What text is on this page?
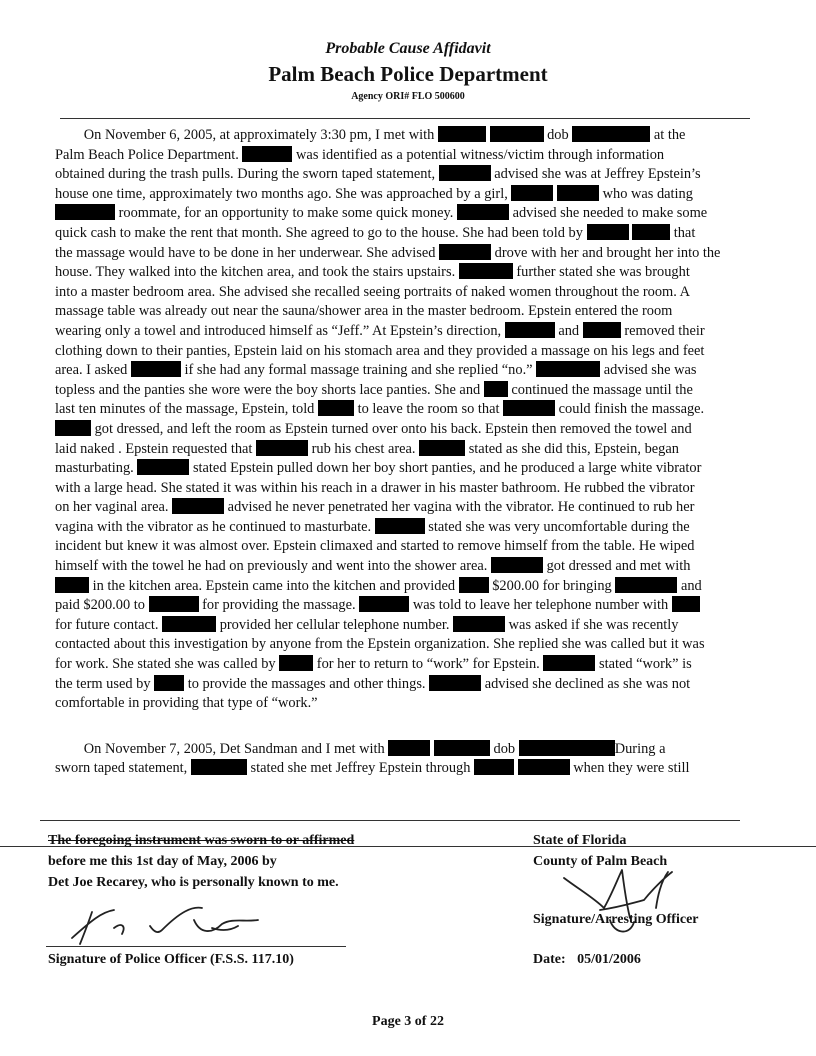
Probable Cause Affidavit
Palm Beach Police Department
Agency ORI# FLO 500600
On November 6, 2005, at approximately 3:30 pm, I met with	dob	at the
Palm Beach Police Department.	was identified as a potential witness/victim through information
obtained during the trash pulls. During the sworn taped statement,	advised she was at Jeffrey Epstein’s
house one time, approximately two months ago. She was approached by a girl,	who was dating
roommate, for an opportunity to make some quick money.	advised she needed to make some
quick cash to make the rent that month. She agreed to go to the house. She had been told by	that
the massage would have to be done in her underwear. She advised	drove with her and brought her into the
house. They walked into the kitchen area, and took the stairs upstairs.	further stated she was brought
into a master bedroom area. She advised she recalled seeing portraits of naked women throughout the room. A
massage table was already out near the sauna/shower area in the master bedroom. Epstein entered the room
wearing only a towel and introduced himself as “Jeff.” At Epstein’s direction,	and	removed their
clothing down to their panties, Epstein laid on his stomach area and they provided a massage on his legs and feet
area. I asked	if she had any formal massage training and she replied “no.”	advised she was
topless and the panties she wore were the boy shorts lace panties. She and  continued the massage until the
last ten minutes of the massage, Epstein, told	to leave the room so that	could finish the massage.
got dressed, and left the room as Epstein turned over onto his back. Epstein then removed the towel and
laid naked . Epstein requested that	rub his chest area.	stated as she did this, Epstein, began
masturbating.	stated Epstein pulled down her boy short panties, and he produced a large white vibrator
with a large head. She stated it was within his reach in a drawer in his master bathroom. He rubbed the vibrator
on her vaginal area.	advised he never penetrated her vagina with the vibrator. He continued to rub her
vagina with the vibrator as he continued to masturbate.	stated she was very uncomfortable during the
incident but knew it was almost over. Epstein climaxed and started to remove himself from the table. He wiped
himself with the towel he had on previously and went into the shower area.	got dressed and met with
in the kitchen area. Epstein came into the kitchen and provided  $200.00 for bringing	and
paid $200.00 to	for providing the massage.	was told to leave her telephone number with
for future contact.	provided her cellular telephone number.	was asked if she was recently
contacted about this investigation by anyone from the Epstein organization. She replied she was called but it was
for work. She stated she was called by  for her to return to “work” for Epstein.	stated “work” is
the term used by  to provide the massages and other things.	advised she declined as she was not
comfortable in providing that type of “work.”
On November 7, 2005, Det Sandman and I met with	dob	During a
sworn taped statement,	stated she met Jeffrey Epstein through	when they were still
The foregoing instrument was sworn to or affirmed
before me this 1st day of May, 2006 by
Det Joe Recarey, who is personally known to me.
State of Florida
County of Palm Beach
Signature of Police Officer (F.S.S. 117.10)
Signature/Arresting Officer
Date: 05/01/2006
Page 3 of 22
